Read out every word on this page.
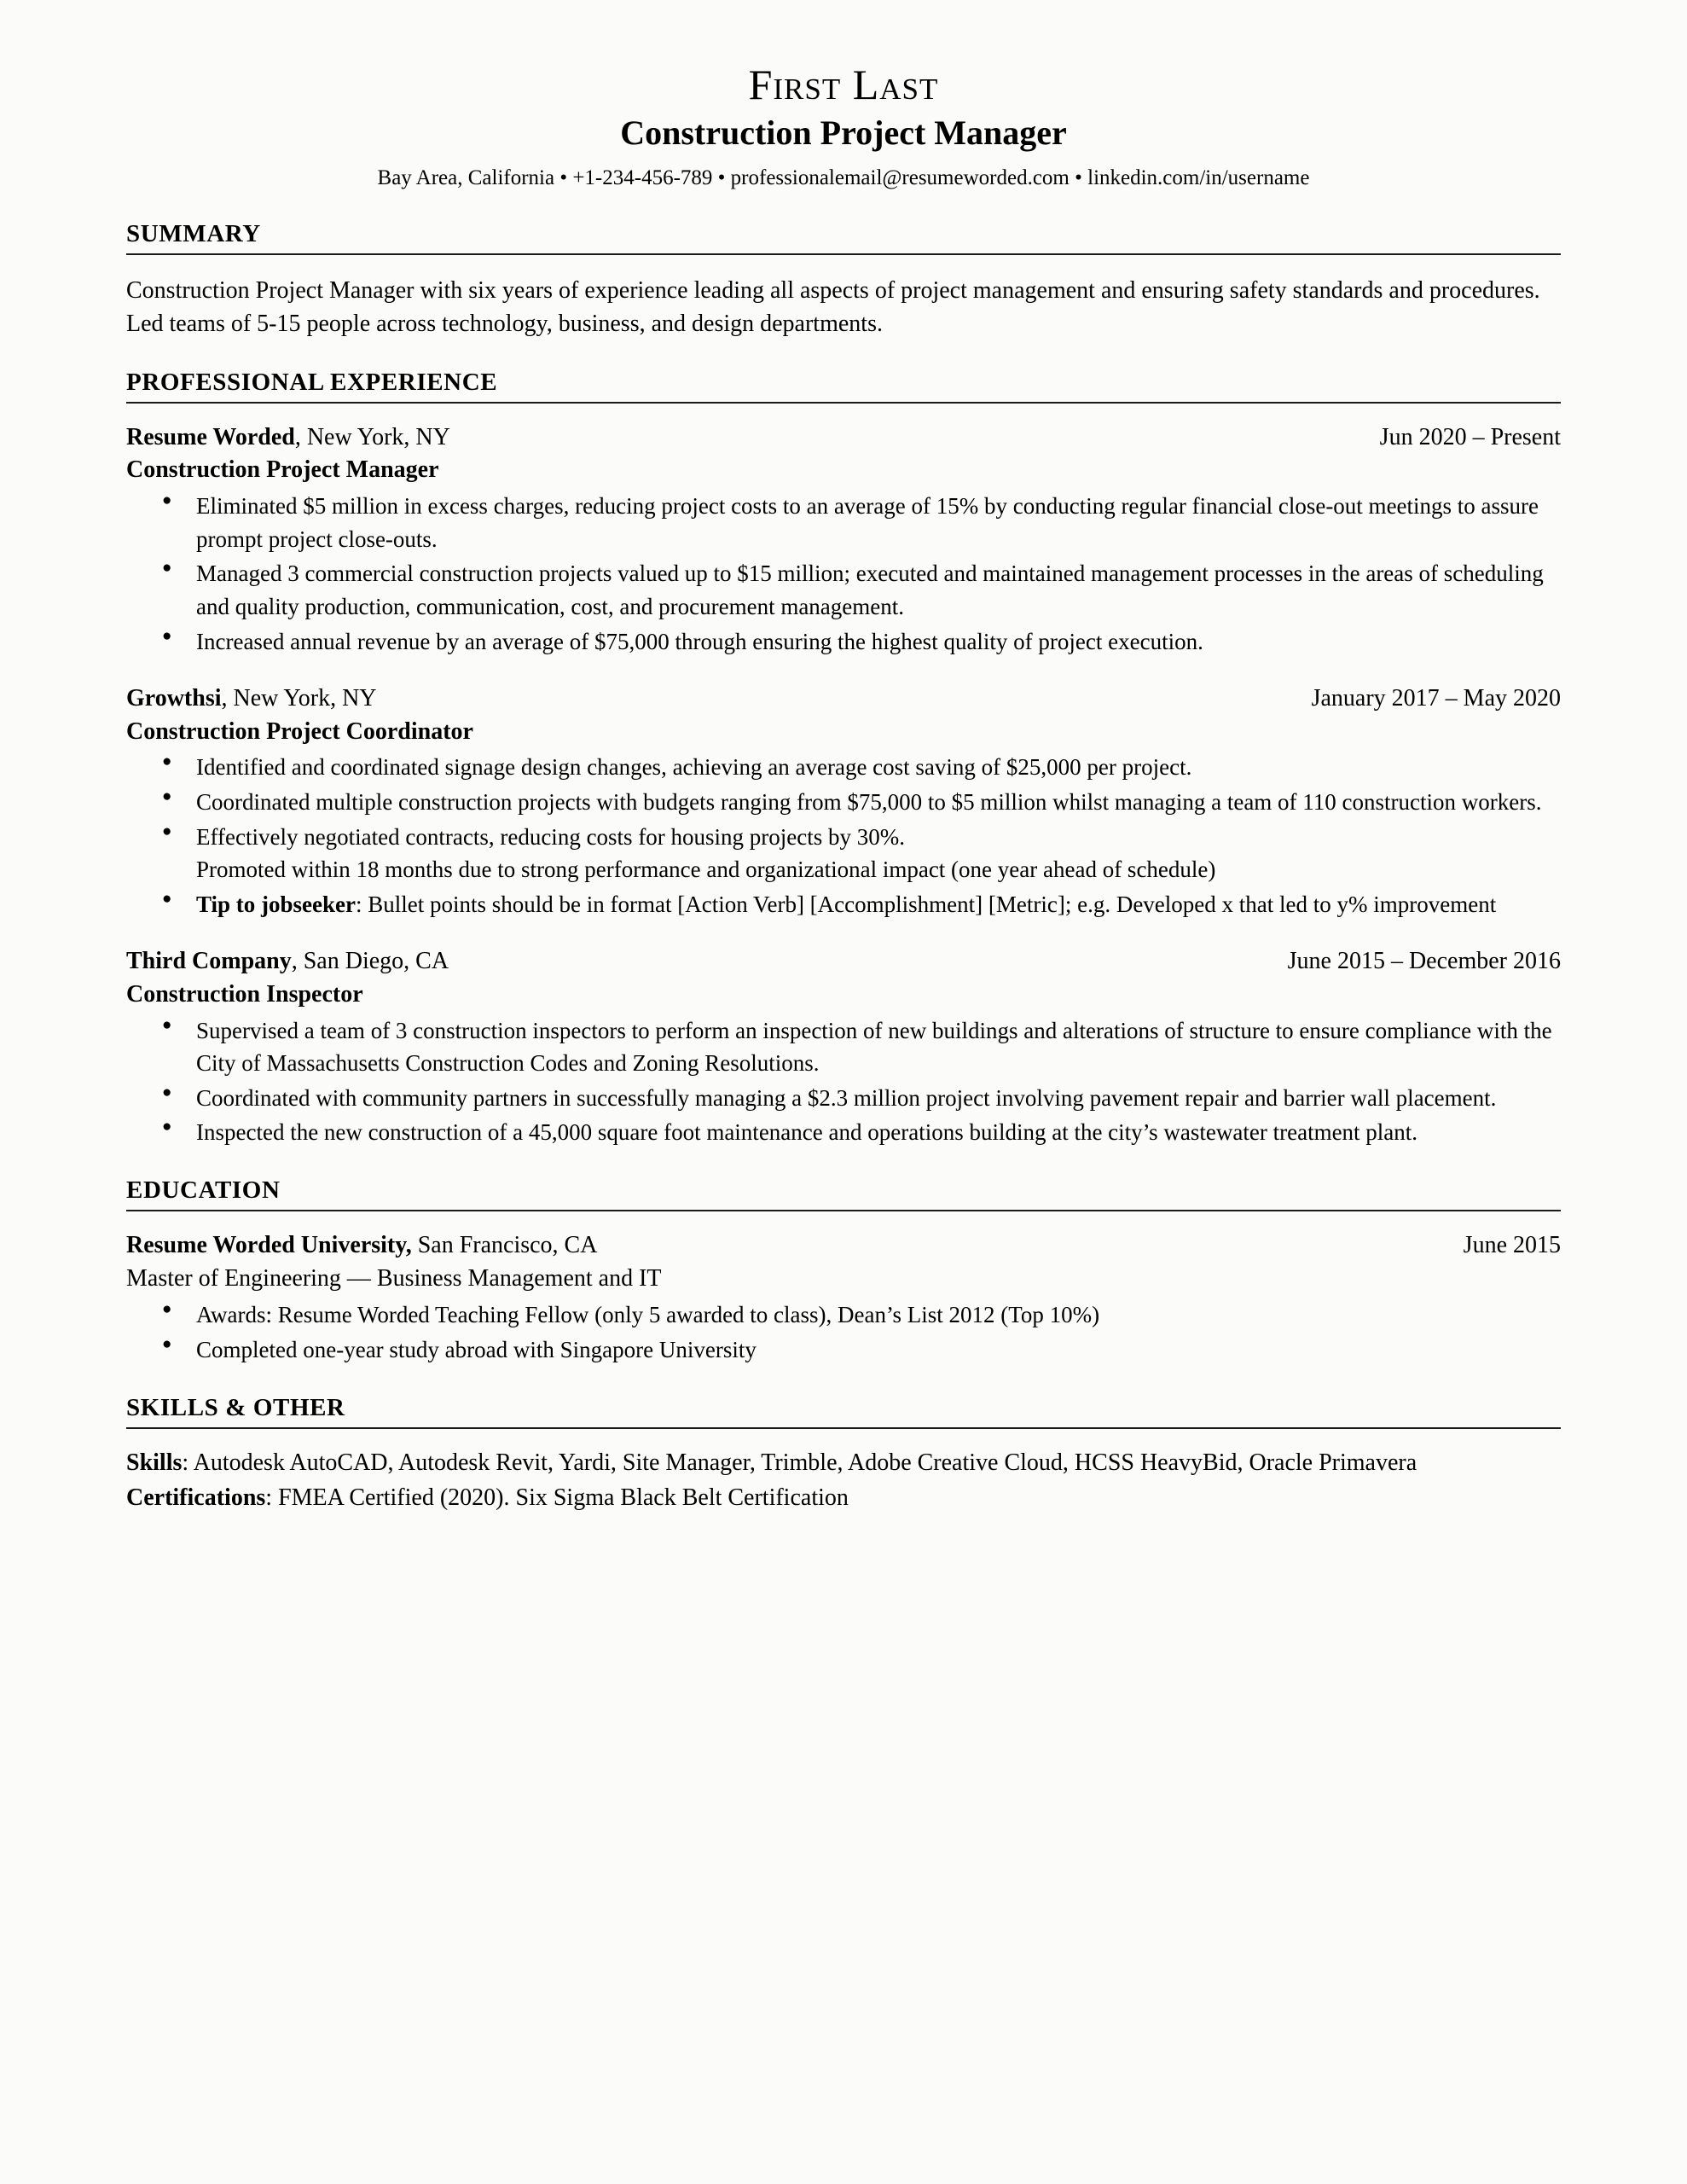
First Last
Construction Project Manager
Bay Area, California • +1-234-456-789 • professionalemail@resumeworded.com • linkedin.com/in/username
SUMMARY

Construction Project Manager with six years of experience leading all aspects of project management and ensuring safety standards and procedures. Led teams of 5-15 people across technology, business, and design departments.

PROFESSIONAL EXPERIENCE
Resume Worded, New York, NY	Jun 2020 – Present
Construction Project Manager
● Eliminated $5 million in excess charges, reducing project costs to an average of 15% by conducting regular financial close-out meetings to assure prompt project close-outs.
● Managed 3 commercial construction projects valued up to $15 million; executed and maintained management processes in the areas of scheduling and quality production, communication, cost, and procurement management.
● Increased annual revenue by an average of $75,000 through ensuring the highest quality of project execution.
Growthsi, New York, NY	January 2017 – May 2020
Construction Project Coordinator
● Identified and coordinated signage design changes, achieving an average cost saving of $25,000 per project.
● Coordinated multiple construction projects with budgets ranging from $75,000 to $5 million whilst managing a team of 110 construction workers.
● Effectively negotiated contracts, reducing costs for housing projects by 30%.
Promoted within 18 months due to strong performance and organizational impact (one year ahead of schedule)
● Tip to jobseeker: Bullet points should be in format [Action Verb] [Accomplishment] [Metric]; e.g. Developed x that led to y% improvement
Third Company, San Diego, CA	June 2015 – December 2016
Construction Inspector
● Supervised a team of 3 construction inspectors to perform an inspection of new buildings and alterations of structure to ensure compliance with the City of Massachusetts Construction Codes and Zoning Resolutions.
● Coordinated with community partners in successfully managing a $2.3 million project involving pavement repair and barrier wall placement.
● Inspected the new construction of a 45,000 square foot maintenance and operations building at the city’s wastewater treatment plant.
EDUCATION
Resume Worded University, San Francisco, CA	June 2015
Master of Engineering — Business Management and IT
● Awards: Resume Worded Teaching Fellow (only 5 awarded to class), Dean’s List 2012 (Top 10%)
● Completed one-year study abroad with Singapore University
SKILLS & OTHER
Skills: Autodesk AutoCAD, Autodesk Revit, Yardi, Site Manager, Trimble, Adobe Creative Cloud, HCSS HeavyBid, Oracle Primavera
Certifications: FMEA Certified (2020). Six Sigma Black Belt Certification
